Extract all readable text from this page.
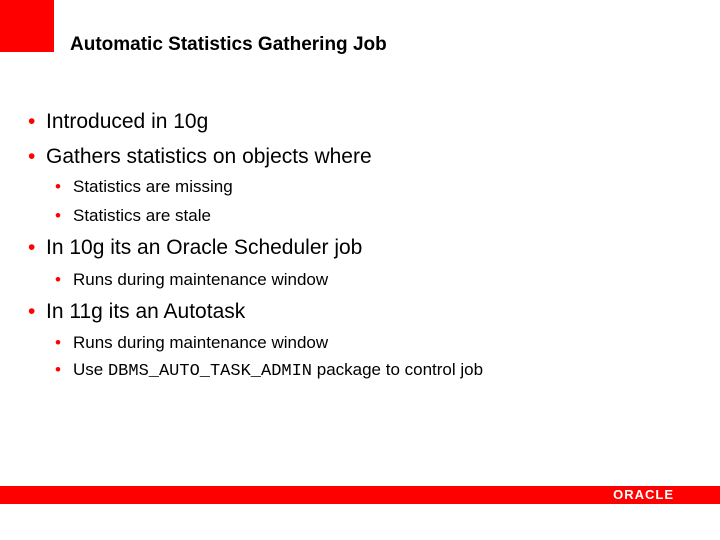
Automatic Statistics Gathering Job
• Introduced in 10g
• Gathers statistics on objects where
• Statistics are missing
• Statistics are stale
• In 10g its an Oracle Scheduler job
• Runs during maintenance window
• In 11g its an Autotask
• Runs during maintenance window
• Use DBMS_AUTO_TASK_ADMIN package to control job
ORACLE
